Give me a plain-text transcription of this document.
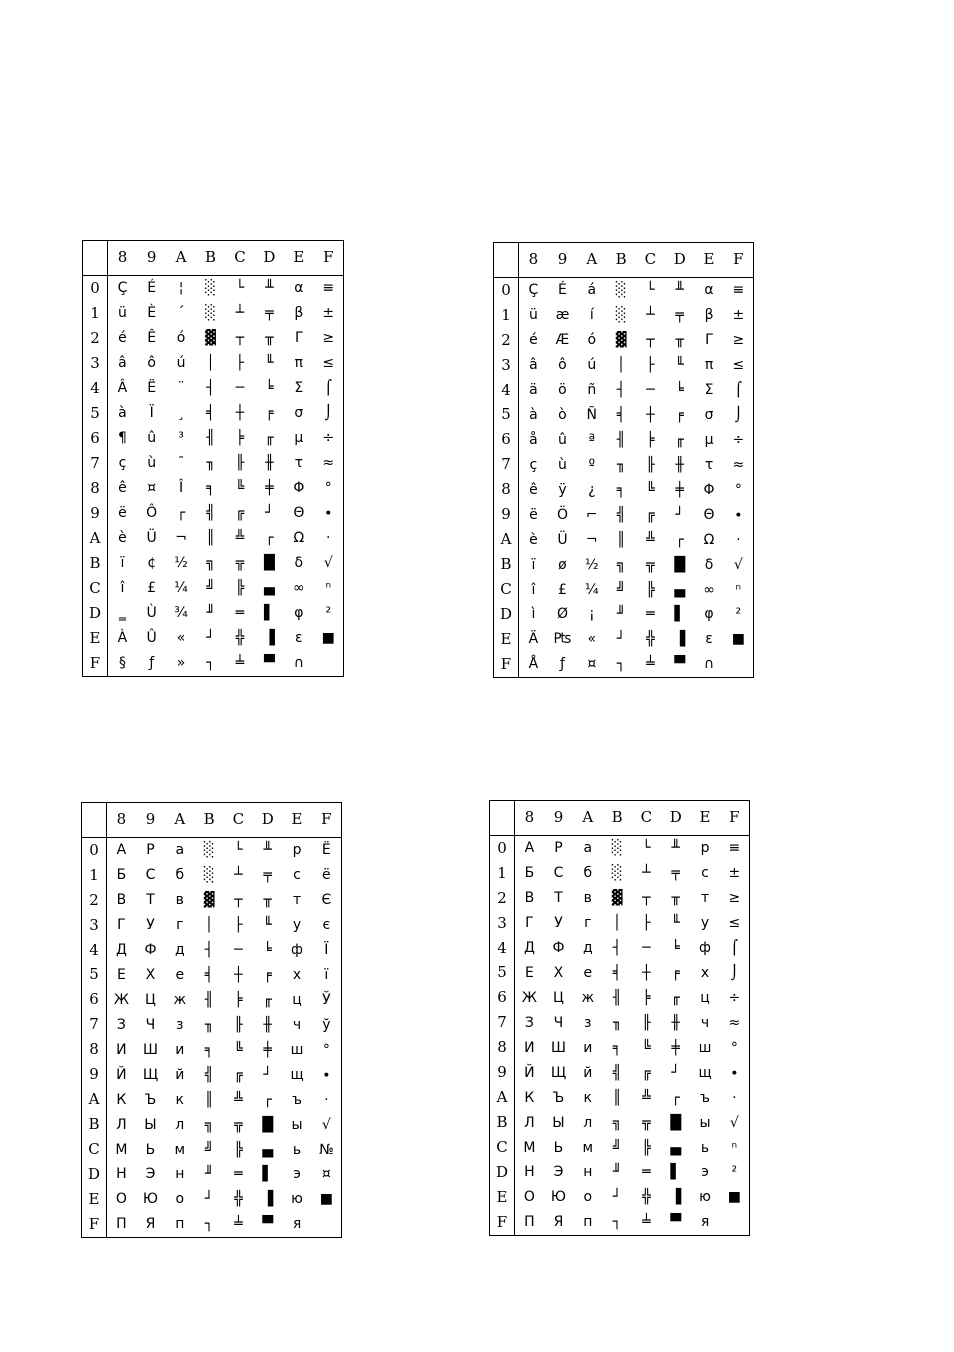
	8	9	A	B	C	D	E	F
0	Ç	É	¦	░	└	╨	α	≡
1	ü	È	´	░	┴	╤	β	±
2	é	Ê	ó	▓	┬	╥	Γ	≥
3	â	ô	ú	│	├	╙	π	≤
4	Â	Ë	¨	┤	─	╘	Σ	⌠
5	à	Ï	¸	╡	┼	╒	σ	⌡
6	¶	û	³	╢	╞	╓	µ	÷
7	ç	ù	¯	╖	╟	╫	τ	≈
8	ê	¤	Î	╕	╚	╪	Φ	°
9	ë	Ô	┌	╣	╔	┘	Θ	∙
A	è	Ü	¬	║	╩	┌	Ω	·
B	ï	¢	½	╗	╦	█	δ	√
C	î	£	¼	╝	╠	▄	∞	ⁿ
D	‗	Ù	¾	╜	═	▌	φ	²
E	À	Û	«	┘	╬	▐	ε	■
F	§	ƒ	»	┐	╧	▀	∩	
	8	9	A	B	C	D	E	F
0	Ç	É	á	░	└	╨	α	≡
1	ü	æ	í	░	┴	╤	β	±
2	é	Æ	ó	▓	┬	╥	Γ	≥
3	â	ô	ú	│	├	╙	π	≤
4	ä	ö	ñ	┤	─	╘	Σ	⌠
5	à	ò	Ñ	╡	┼	╒	σ	⌡
6	å	û	ª	╢	╞	╓	µ	÷
7	ç	ù	º	╖	╟	╫	τ	≈
8	ê	ÿ	¿	╕	╚	╪	Φ	°
9	ë	Ö	⌐	╣	╔	┘	Θ	∙
A	è	Ü	¬	║	╩	┌	Ω	·
B	ï	ø	½	╗	╦	█	δ	√
C	î	£	¼	╝	╠	▄	∞	ⁿ
D	ì	Ø	¡	╜	═	▌	φ	²
E	Ä	₧	«	┘	╬	▐	ε	■
F	Å	ƒ	¤	┐	╧	▀	∩	
	8	9	A	B	C	D	E	F
0	А	Р	а	░	└	╨	р	Ё
1	Б	С	б	░	┴	╤	с	ё
2	В	Т	в	▓	┬	╥	т	Є
3	Г	У	г	│	├	╙	у	є
4	Д	Ф	д	┤	─	╘	ф	Ї
5	Е	Х	е	╡	┼	╒	х	ї
6	Ж	Ц	ж	╢	╞	╓	ц	Ў
7	З	Ч	з	╖	╟	╫	ч	ў
8	И	Ш	и	╕	╚	╪	ш	°
9	Й	Щ	й	╣	╔	┘	щ	∙
A	К	Ъ	к	║	╩	┌	ъ	·
B	Л	Ы	л	╗	╦	█	ы	√
C	М	Ь	м	╝	╠	▄	ь	№
D	Н	Э	н	╜	═	▌	э	¤
E	О	Ю	о	┘	╬	▐	ю	■
F	П	Я	п	┐	╧	▀	я	
	8	9	A	B	C	D	E	F
0	А	Р	а	░	└	╨	р	≡
1	Б	С	б	░	┴	╤	с	±
2	В	Т	в	▓	┬	╥	т	≥
3	Г	У	г	│	├	╙	у	≤
4	Д	Ф	д	┤	─	╘	ф	⌠
5	Е	Х	е	╡	┼	╒	х	⌡
6	Ж	Ц	ж	╢	╞	╓	ц	÷
7	З	Ч	з	╖	╟	╫	ч	≈
8	И	Ш	и	╕	╚	╪	ш	°
9	Й	Щ	й	╣	╔	┘	щ	∙
A	К	Ъ	к	║	╩	┌	ъ	·
B	Л	Ы	л	╗	╦	█	ы	√
C	М	Ь	м	╝	╠	▄	ь	ⁿ
D	Н	Э	н	╜	═	▌	э	²
E	О	Ю	о	┘	╬	▐	ю	■
F	П	Я	п	┐	╧	▀	я	
